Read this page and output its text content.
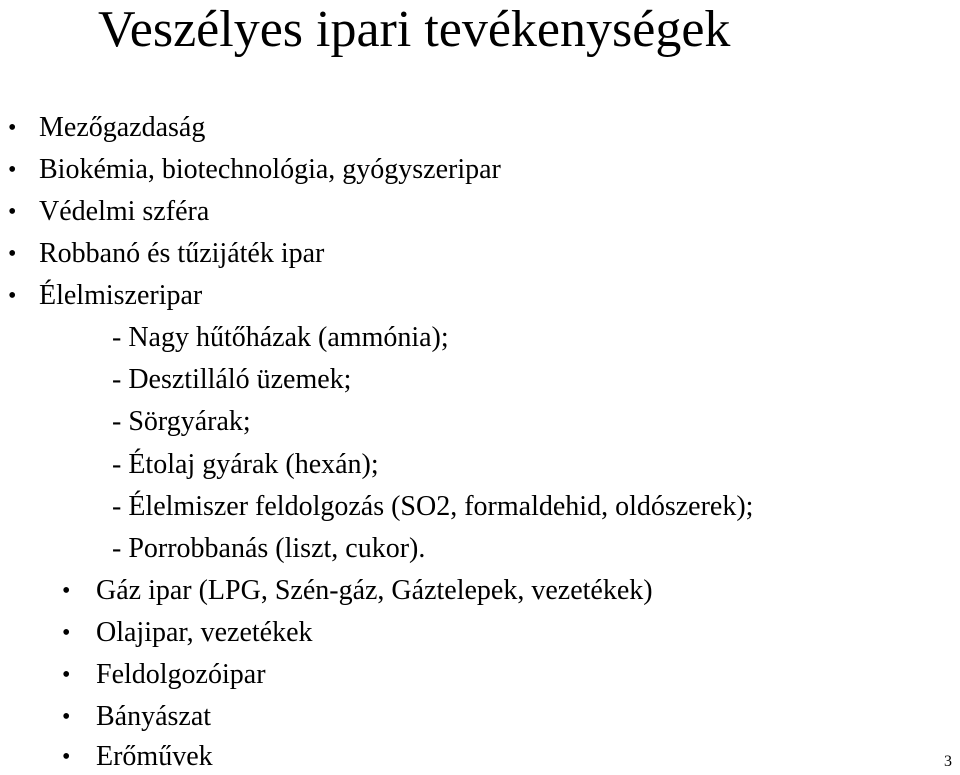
Veszélyes ipari tevékenységek
• Mezőgazdaság
• Biokémia, biotechnológia, gyógyszeripar
• Védelmi szféra
• Robbanó és tűzijáték ipar
• Élelmiszeripar
- Nagy hűtőházak (ammónia);
- Desztilláló üzemek;
- Sörgyárak;
- Étolaj gyárak (hexán);
- Élelmiszer feldolgozás (SO2, formaldehid, oldószerek);
- Porrobbanás (liszt, cukor).
• Gáz ipar (LPG, Szén-gáz, Gáztelepek, vezetékek)
• Olajipar, vezetékek
• Feldolgozóipar
• Bányászat
• Erőművek	3
